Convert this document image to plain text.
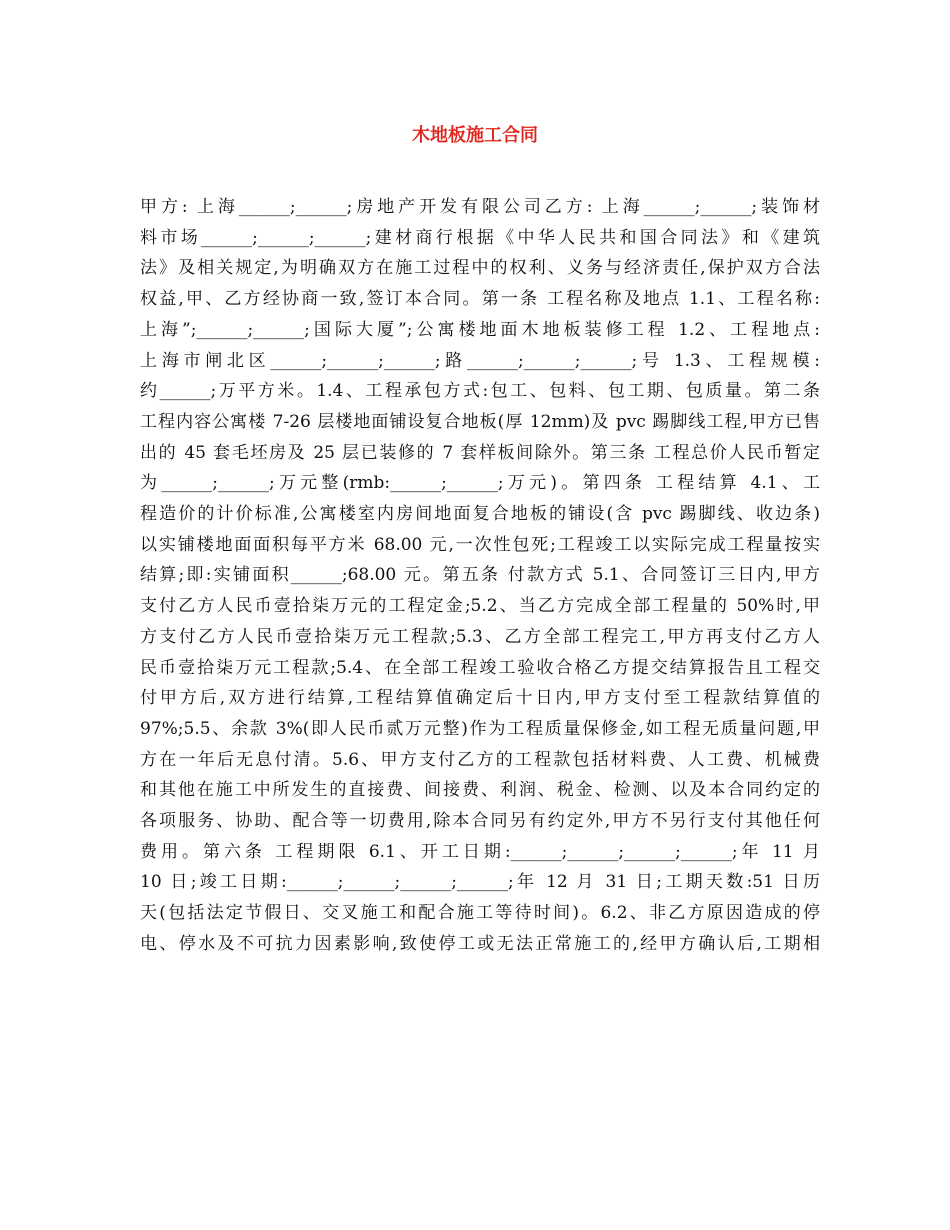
木地板施工合同
甲方: 上海______;______;房地产开发有限公司乙方: 上海______;______;装饰材
料市场______;______;______;建材商行根据《中华人民共和国合同法》和《建筑
法》及相关规定,为明确双方在施工过程中的权利、义务与经济责任,保护双方合法
权益,甲、乙方经协商一致,签订本合同。第一条 工程名称及地点 1.1、工程名称:
上海”;______;______;国际大厦”;公寓楼地面木地板装修工程 1.2、工程地点:
上海市闸北区______;______;______;路______;______;______;号 1.3、工程规模:
约______;万平方米。1.4、工程承包方式:包工、包料、包工期、包质量。第二条
工程内容公寓楼 7-26 层楼地面铺设复合地板(厚 12mm)及 pvc 踢脚线工程,甲方已售
出的 45 套毛坯房及 25 层已装修的 7 套样板间除外。第三条 工程总价人民币暂定
为______;______;万元整(rmb:______;______;万元)。第四条 工程结算 4.1、工
程造价的计价标准,公寓楼室内房间地面复合地板的铺设(含 pvc 踢脚线、收边条)
以实铺楼地面面积每平方米 68.00 元,一次性包死;工程竣工以实际完成工程量按实
结算;即:实铺面积______;68.00 元。第五条 付款方式 5.1、合同签订三日内,甲方
支付乙方人民币壹拾柒万元的工程定金;5.2、当乙方完成全部工程量的 50%时,甲
方支付乙方人民币壹拾柒万元工程款;5.3、乙方全部工程完工,甲方再支付乙方人
民币壹拾柒万元工程款;5.4、在全部工程竣工验收合格乙方提交结算报告且工程交
付甲方后,双方进行结算,工程结算值确定后十日内,甲方支付至工程款结算值的
97%;5.5、余款 3%(即人民币贰万元整)作为工程质量保修金,如工程无质量问题,甲
方在一年后无息付清。5.6、甲方支付乙方的工程款包括材料费、人工费、机械费
和其他在施工中所发生的直接费、间接费、利润、税金、检测、以及本合同约定的
各项服务、协助、配合等一切费用,除本合同另有约定外,甲方不另行支付其他任何
费用。第六条 工程期限 6.1、开工日期:______;______;______;______;年 11 月
10 日;竣工日期:______;______;______;______;年 12 月 31 日;工期天数:51 日历
天(包括法定节假日、交叉施工和配合施工等待时间)。6.2、非乙方原因造成的停
电、停水及不可抗力因素影响,致使停工或无法正常施工的,经甲方确认后,工期相
